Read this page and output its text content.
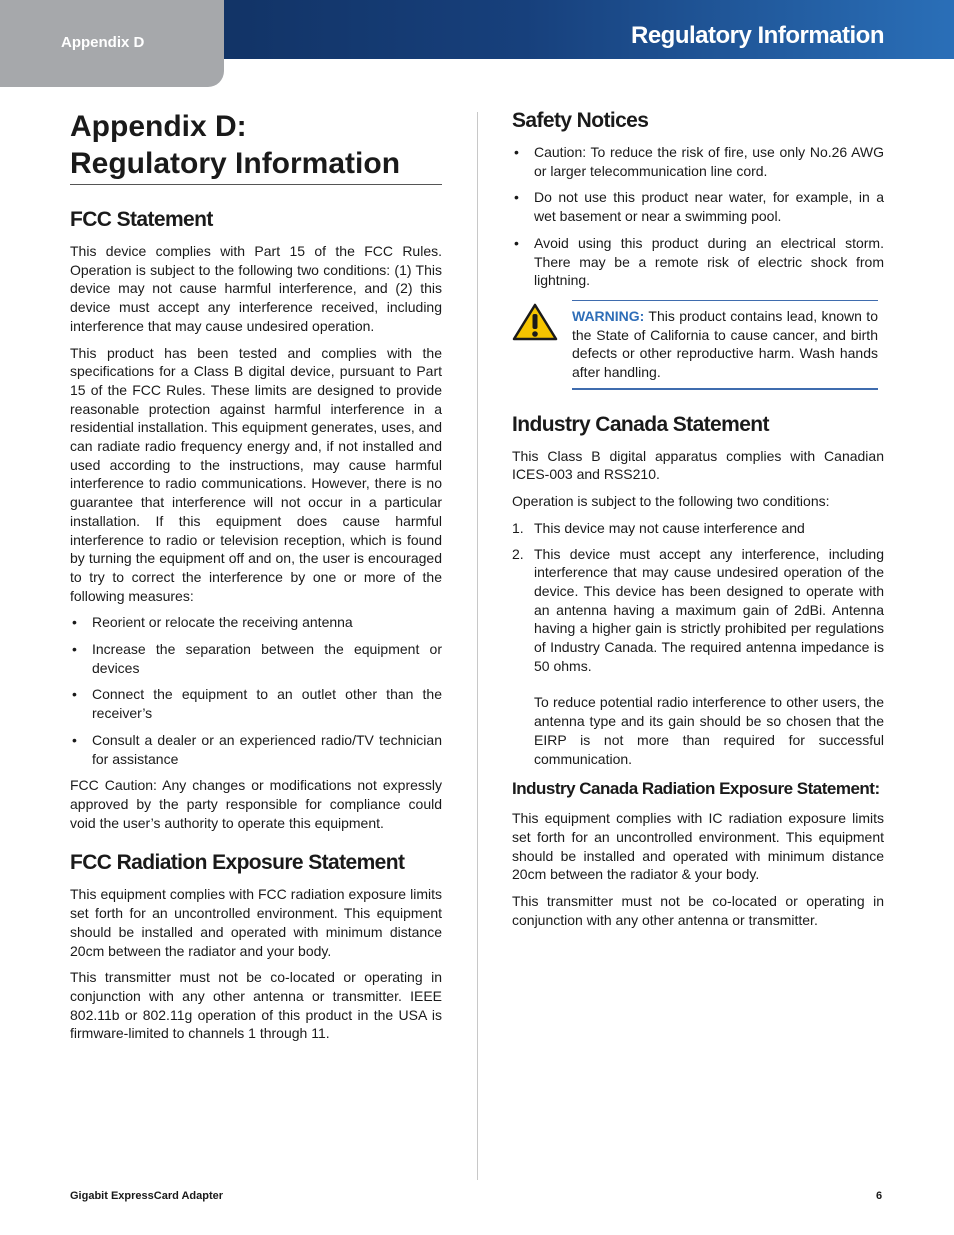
Appendix D	Regulatory Information
Appendix D:
Regulatory Information
FCC Statement

This device complies with Part 15 of the FCC Rules. Operation is subject to the following two conditions: (1) This device may not cause harmful interference, and (2) this device must accept any interference received, including interference that may cause undesired operation.

This product has been tested and complies with the specifications for a Class B digital device, pursuant to Part 15 of the FCC Rules. These limits are designed to provide reasonable protection against harmful interference in a residential installation. This equipment generates, uses, and can radiate radio frequency energy and, if not installed and used according to the instructions, may cause harmful interference to radio communications. However, there is no guarantee that interference will not occur in a particular installation. If this equipment does cause harmful interference to radio or television reception, which is found by turning the equipment off and on, the user is encouraged to try to correct the interference by one or more of the following measures:

• Reorient or relocate the receiving antenna
• Increase the separation between the equipment or devices
• Connect the equipment to an outlet other than the receiver’s
• Consult a dealer or an experienced radio/TV technician for assistance

FCC Caution: Any changes or modifications not expressly approved by the party responsible for compliance could void the user’s authority to operate this equipment.

FCC Radiation Exposure Statement

This equipment complies with FCC radiation exposure limits set forth for an uncontrolled environment. This equipment should be installed and operated with minimum distance 20cm between the radiator and your body.

This transmitter must not be co-located or operating in conjunction with any other antenna or transmitter. IEEE 802.11b or 802.11g operation of this product in the USA is firmware-limited to channels 1 through 11.

Safety Notices
• Caution: To reduce the risk of fire, use only No.26 AWG or larger telecommunication line cord.
• Do not use this product near water, for example, in a wet basement or near a swimming pool.
• Avoid using this product during an electrical storm. There may be a remote risk of electric shock from lightning.

WARNING: This product contains lead, known to the State of California to cause cancer, and birth defects or other reproductive harm. Wash hands after handling.

Industry Canada Statement

This Class B digital apparatus complies with Canadian ICES-003 and RSS210.

Operation is subject to the following two conditions:

1. This device may not cause interference and
2. This device must accept any interference, including interference that may cause undesired operation of the device. This device has been designed to operate with an antenna having a maximum gain of 2dBi. Antenna having a higher gain is strictly prohibited per regulations of Industry Canada. The required antenna impedance is 50 ohms.
To reduce potential radio interference to other users, the antenna type and its gain should be so chosen that the EIRP is not more than required for successful communication.
Industry Canada Radiation Exposure Statement:

This equipment complies with IC radiation exposure limits set forth for an uncontrolled environment. This equipment should be installed and operated with minimum distance 20cm between the radiator & your body.

This transmitter must not be co-located or operating in conjunction with any other antenna or transmitter.

Gigabit ExpressCard Adapter	6
